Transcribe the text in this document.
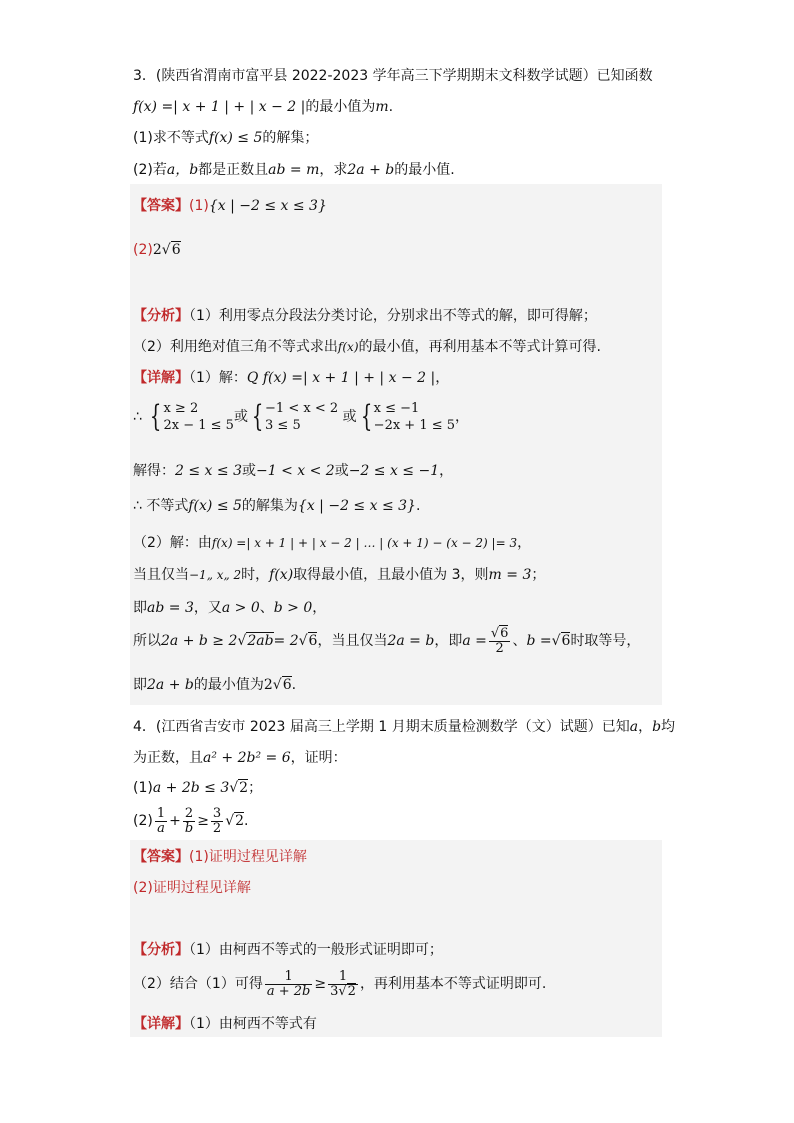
3．(陕西省渭南市富平县 2022-2023 学年高三下学期期末文科数学试题）已知函数
f(x) =| x + 1 | + | x − 2 |的最小值为m.
(1)求不等式f(x) ≤ 5的解集；
(2)若a，b都是正数且ab = m，求2a + b的最小值.
【答案】(1){x | −2 ≤ x ≤ 3}
(2)2√6
【分析】（1）利用零点分段法分类讨论，分别求出不等式的解，即可得解；
（2）利用绝对值三角不等式求出f(x)的最小值，再利用基本不等式计算可得.
【详解】（1）解：Q f(x) =| x + 1 | + | x − 2 |，
∴ { x ≥ 2
2x − 1 ≤ 5
或 { −1 < x < 2
3 ≤ 5
或 { x ≤ −1
−2x + 1 ≤ 5
，
解得：2 ≤ x ≤ 3或−1 < x < 2或−2 ≤ x ≤ −1，
∴ 不等式f(x) ≤ 5的解集为{x | −2 ≤ x ≤ 3}.
（2）解：由f(x) =| x + 1 | + | x − 2 | … | (x + 1) − (x − 2) |= 3，
当且仅当−1„ x„ 2时，f(x)取得最小值，且最小值为 3，则m = 3；
即ab = 3，又a > 0、b > 0，
所以2a + b ≥ 2√2ab= 2√6，当且仅当2a = b，即$a = \frac{√6}{2}$ 、b =√6时取等号，
即2a + b的最小值为2√6.
4．(江西省吉安市 2023 届高三上学期 1 月期末质量检测数学（文）试题）已知a，b均
为正数，且a² + 2b² = 6，证明：
(1)a + 2b ≤ 3√2；
$(2) \frac{1}{a} + \frac{2}{b} \ge \frac{3}{2} √2$.
【答案】(1)证明过程见详解
(2)证明过程见详解
【分析】（1）由柯西不等式的一般形式证明即可；
（2）结合（1）可得 $\frac{1}{a + 2b} \ge \frac{1}{3√2}$ ，再利用基本不等式证明即可.
【详解】（1）由柯西不等式有
